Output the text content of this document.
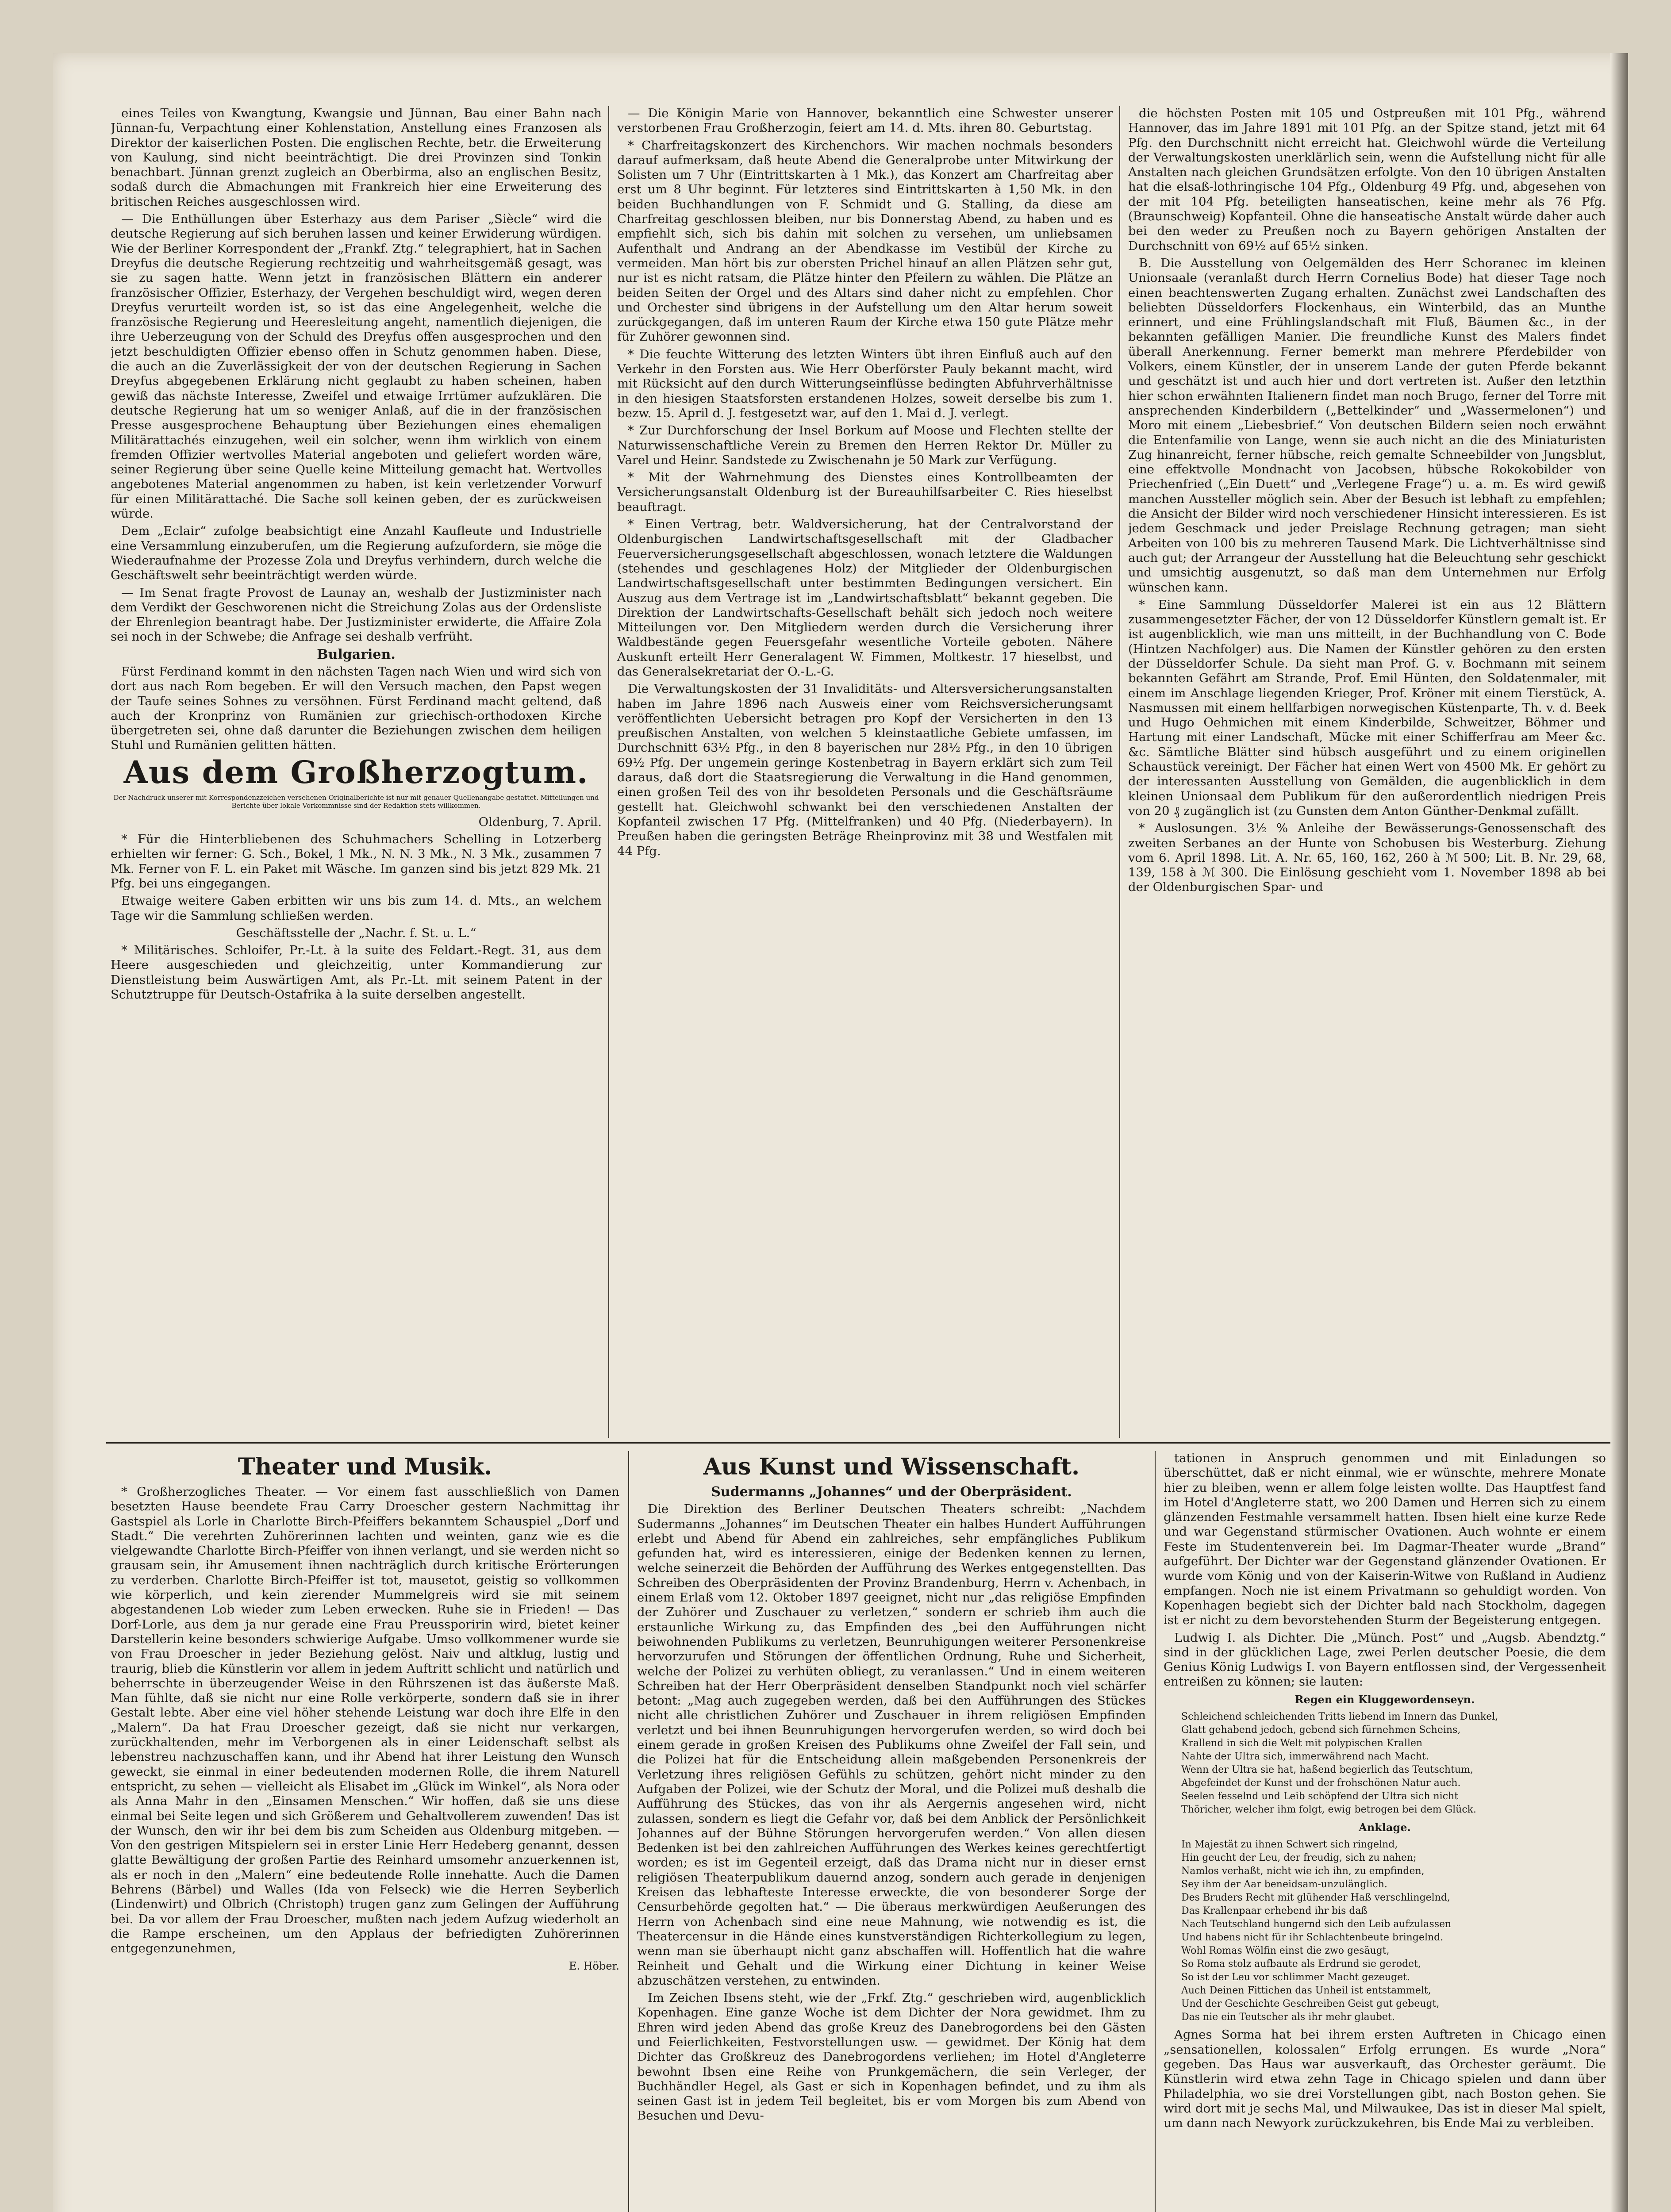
eines Teiles von Kwangtung, Kwangsie und Jünnan, Bau einer Bahn nach Jünnan-fu, Verpachtung einer Kohlenstation, Anstellung eines Franzosen als Direktor der kaiserlichen Posten. Die englischen Rechte, betr. die Erweiterung von Kaulung, sind nicht beeinträchtigt. Die drei Provinzen sind Tonkin benachbart. Jünnan grenzt zugleich an Oberbirma, also an englischen Besitz, sodaß durch die Abmachungen mit Frankreich hier eine Erweiterung des britischen Reiches ausgeschlossen wird.

— Die Enthüllungen über Esterhazy aus dem Pariser „Siècle“ wird die deutsche Regierung auf sich beruhen lassen und keiner Erwiderung würdigen. Wie der Berliner Korrespondent der „Frankf. Ztg.“ telegraphiert, hat in Sachen Dreyfus die deutsche Regierung rechtzeitig und wahrheitsgemäß gesagt, was sie zu sagen hatte. Wenn jetzt in französischen Blättern ein anderer französischer Offizier, Esterhazy, der Vergehen beschuldigt wird, wegen deren Dreyfus verurteilt worden ist, so ist das eine Angelegenheit, welche die französische Regierung und Heeresleitung angeht, namentlich diejenigen, die ihre Ueberzeugung von der Schuld des Dreyfus offen ausgesprochen und den jetzt beschuldigten Offizier ebenso offen in Schutz genommen haben. Diese, die auch an die Zuverlässigkeit der von der deutschen Regierung in Sachen Dreyfus abgegebenen Erklärung nicht geglaubt zu haben scheinen, haben gewiß das nächste Interesse, Zweifel und etwaige Irrtümer aufzuklären. Die deutsche Regierung hat um so weniger Anlaß, auf die in der französischen Presse ausgesprochene Behauptung über Beziehungen eines ehemaligen Militärattachés einzugehen, weil ein solcher, wenn ihm wirklich von einem fremden Offizier wertvolles Material angeboten und geliefert worden wäre, seiner Regierung über seine Quelle keine Mitteilung gemacht hat. Wertvolles angebotenes Material angenommen zu haben, ist kein verletzender Vorwurf für einen Militärattaché. Die Sache soll keinen geben, der es zurückweisen würde.

Dem „Eclair“ zufolge beabsichtigt eine Anzahl Kaufleute und Industrielle eine Versammlung einzuberufen, um die Regierung aufzufordern, sie möge die Wiederaufnahme der Prozesse Zola und Dreyfus verhindern, durch welche die Geschäftswelt sehr beeinträchtigt werden würde.

— Im Senat fragte Provost de Launay an, weshalb der Justizminister nach dem Verdikt der Geschworenen nicht die Streichung Zolas aus der Ordensliste der Ehrenlegion beantragt habe. Der Justizminister erwiderte, die Affaire Zola sei noch in der Schwebe; die Anfrage sei deshalb verfrüht.

Bulgarien.

Fürst Ferdinand kommt in den nächsten Tagen nach Wien und wird sich von dort aus nach Rom begeben. Er will den Versuch machen, den Papst wegen der Taufe seines Sohnes zu versöhnen. Fürst Ferdinand macht geltend, daß auch der Kronprinz von Rumänien zur griechisch-orthodoxen Kirche übergetreten sei, ohne daß darunter die Beziehungen zwischen dem heiligen Stuhl und Rumänien gelitten hätten.

Aus dem Großherzogtum.
Der Nachdruck unserer mit Korrespondenzzeichen versehenen Originalberichte ist nur mit genauer Quellenangabe gestattet. Mitteilungen und Berichte über lokale Vorkommnisse sind der Redaktion stets willkommen.

Oldenburg, 7. April.

* Für die Hinterbliebenen des Schuhmachers Schelling in Lotzerberg erhielten wir ferner: G. Sch., Bokel, 1 Mk., N. N. 3 Mk., N. 3 Mk., zusammen 7 Mk. Ferner von F. L. ein Paket mit Wäsche. Im ganzen sind bis jetzt 829 Mk. 21 Pfg. bei uns eingegangen.

Etwaige weitere Gaben erbitten wir uns bis zum 14. d. Mts., an welchem Tage wir die Sammlung schließen werden.

Geschäftsstelle der „Nachr. f. St. u. L.“

* Militärisches. Schloifer, Pr.-Lt. à la suite des Feldart.-Regt. 31, aus dem Heere ausgeschieden und gleichzeitig, unter Kommandierung zur Dienstleistung beim Auswärtigen Amt, als Pr.-Lt. mit seinem Patent in der Schutztruppe für Deutsch-Ostafrika à la suite derselben angestellt.

— Die Königin Marie von Hannover, bekanntlich eine Schwester unserer verstorbenen Frau Großherzogin, feiert am 14. d. Mts. ihren 80. Geburtstag.

* Charfreitagskonzert des Kirchenchors. Wir machen nochmals besonders darauf aufmerksam, daß heute Abend die Generalprobe unter Mitwirkung der Solisten um 7 Uhr (Eintrittskarten à 1 Mk.), das Konzert am Charfreitag aber erst um 8 Uhr beginnt. Für letzteres sind Eintrittskarten à 1,50 Mk. in den beiden Buchhandlungen von F. Schmidt und G. Stalling, da diese am Charfreitag geschlossen bleiben, nur bis Donnerstag Abend, zu haben und es empfiehlt sich, sich bis dahin mit solchen zu versehen, um unliebsamen Aufenthalt und Andrang an der Abendkasse im Vestibül der Kirche zu vermeiden. Man hört bis zur obersten Prichel hinauf an allen Plätzen sehr gut, nur ist es nicht ratsam, die Plätze hinter den Pfeilern zu wählen. Die Plätze an beiden Seiten der Orgel und des Altars sind daher nicht zu empfehlen. Chor und Orchester sind übrigens in der Aufstellung um den Altar herum soweit zurückgegangen, daß im unteren Raum der Kirche etwa 150 gute Plätze mehr für Zuhörer gewonnen sind.

* Die feuchte Witterung des letzten Winters übt ihren Einfluß auch auf den Verkehr in den Forsten aus. Wie Herr Oberförster Pauly bekannt macht, wird mit Rücksicht auf den durch Witterungseinflüsse bedingten Abfuhrverhältnisse in den hiesigen Staatsforsten erstandenen Holzes, soweit derselbe bis zum 1. bezw. 15. April d. J. festgesetzt war, auf den 1. Mai d. J. verlegt.

* Zur Durchforschung der Insel Borkum auf Moose und Flechten stellte der Naturwissenschaftliche Verein zu Bremen den Herren Rektor Dr. Müller zu Varel und Heinr. Sandstede zu Zwischenahn je 50 Mark zur Verfügung.

* Mit der Wahrnehmung des Dienstes eines Kontrollbeamten der Versicherungsanstalt Oldenburg ist der Bureauhilfsarbeiter C. Ries hieselbst beauftragt.

* Einen Vertrag, betr. Waldversicherung, hat der Centralvorstand der Oldenburgischen Landwirtschaftsgesellschaft mit der Gladbacher Feuerversicherungsgesellschaft abgeschlossen, wonach letztere die Waldungen (stehendes und geschlagenes Holz) der Mitglieder der Oldenburgischen Landwirtschaftsgesellschaft unter bestimmten Bedingungen versichert. Ein Auszug aus dem Vertrage ist im „Landwirtschaftsblatt“ bekannt gegeben. Die Direktion der Landwirtschafts-Gesellschaft behält sich jedoch noch weitere Mitteilungen vor. Den Mitgliedern werden durch die Versicherung ihrer Waldbestände gegen Feuersgefahr wesentliche Vorteile geboten. Nähere Auskunft erteilt Herr Generalagent W. Fimmen, Moltkestr. 17 hieselbst, und das Generalsekretariat der O.-L.-G.

Die Verwaltungskosten der 31 Invaliditäts- und Altersversicherungsanstalten haben im Jahre 1896 nach Ausweis einer vom Reichsversicherungsamt veröffentlichten Uebersicht betragen pro Kopf der Versicherten in den 13 preußischen Anstalten, von welchen 5 kleinstaatliche Gebiete umfassen, im Durchschnitt 63½ Pfg., in den 8 bayerischen nur 28½ Pfg., in den 10 übrigen 69½ Pfg. Der ungemein geringe Kostenbetrag in Bayern erklärt sich zum Teil daraus, daß dort die Staatsregierung die Verwaltung in die Hand genommen, einen großen Teil des von ihr besoldeten Personals und die Geschäftsräume gestellt hat. Gleichwohl schwankt bei den verschiedenen Anstalten der Kopfanteil zwischen 17 Pfg. (Mittelfranken) und 40 Pfg. (Niederbayern). In Preußen haben die geringsten Beträge Rheinprovinz mit 38 und Westfalen mit 44 Pfg.

die höchsten Posten mit 105 und Ostpreußen mit 101 Pfg., während Hannover, das im Jahre 1891 mit 101 Pfg. an der Spitze stand, jetzt mit 64 Pfg. den Durchschnitt nicht erreicht hat. Gleichwohl würde die Verteilung der Verwaltungskosten unerklärlich sein, wenn die Aufstellung nicht für alle Anstalten nach gleichen Grundsätzen erfolgte. Von den 10 übrigen Anstalten hat die elsaß-lothringische 104 Pfg., Oldenburg 49 Pfg. und, abgesehen von der mit 104 Pfg. beteiligten hanseatischen, keine mehr als 76 Pfg. (Braunschweig) Kopfanteil. Ohne die hanseatische Anstalt würde daher auch bei den weder zu Preußen noch zu Bayern gehörigen Anstalten der Durchschnitt von 69½ auf 65½ sinken.

B. Die Ausstellung von Oelgemälden des Herr Schoranec im kleinen Unionsaale (veranlaßt durch Herrn Cornelius Bode) hat dieser Tage noch einen beachtenswerten Zugang erhalten. Zunächst zwei Landschaften des beliebten Düsseldorfers Flockenhaus, ein Winterbild, das an Munthe erinnert, und eine Frühlingslandschaft mit Fluß, Bäumen &c., in der bekannten gefälligen Manier. Die freundliche Kunst des Malers findet überall Anerkennung. Ferner bemerkt man mehrere Pferdebilder von Volkers, einem Künstler, der in unserem Lande der guten Pferde bekannt und geschätzt ist und auch hier und dort vertreten ist. Außer den letzthin hier schon erwähnten Italienern findet man noch Brugo, ferner del Torre mit ansprechenden Kinderbildern („Bettelkinder“ und „Wassermelonen“) und Moro mit einem „Liebesbrief.“ Von deutschen Bildern seien noch erwähnt die Entenfamilie von Lange, wenn sie auch nicht an die des Miniaturisten Zug hinanreicht, ferner hübsche, reich gemalte Schneebilder von Jungsblut, eine effektvolle Mondnacht von Jacobsen, hübsche Rokokobilder von Priechenfried („Ein Duett“ und „Verlegene Frage“) u. a. m. Es wird gewiß manchen Aussteller möglich sein. Aber der Besuch ist lebhaft zu empfehlen; die Ansicht der Bilder wird noch verschiedener Hinsicht interessieren. Es ist jedem Geschmack und jeder Preislage Rechnung getragen; man sieht Arbeiten von 100 bis zu mehreren Tausend Mark. Die Lichtverhältnisse sind auch gut; der Arrangeur der Ausstellung hat die Beleuchtung sehr geschickt und umsichtig ausgenutzt, so daß man dem Unternehmen nur Erfolg wünschen kann.

* Eine Sammlung Düsseldorfer Malerei ist ein aus 12 Blättern zusammengesetzter Fächer, der von 12 Düsseldorfer Künstlern gemalt ist. Er ist augenblicklich, wie man uns mitteilt, in der Buchhandlung von C. Bode (Hintzen Nachfolger) aus. Die Namen der Künstler gehören zu den ersten der Düsseldorfer Schule. Da sieht man Prof. G. v. Bochmann mit seinem bekannten Gefährt am Strande, Prof. Emil Hünten, den Soldatenmaler, mit einem im Anschlage liegenden Krieger, Prof. Kröner mit einem Tierstück, A. Nasmussen mit einem hellfarbigen norwegischen Küstenparte, Th. v. d. Beek und Hugo Oehmichen mit einem Kinderbilde, Schweitzer, Böhmer und Hartung mit einer Landschaft, Mücke mit einer Schifferfrau am Meer &c. &c. Sämtliche Blätter sind hübsch ausgeführt und zu einem originellen Schaustück vereinigt. Der Fächer hat einen Wert von 4500 Mk. Er gehört zu der interessanten Ausstellung von Gemälden, die augenblicklich in dem kleinen Unionsaal dem Publikum für den außerordentlich niedrigen Preis von 20 ₰ zugänglich ist (zu Gunsten dem Anton Günther-Denkmal zufällt.

* Auslosungen. 3½ % Anleihe der Bewässerungs-Genossenschaft des zweiten Serbanes an der Hunte von Schobusen bis Westerburg. Ziehung vom 6. April 1898. Lit. A. Nr. 65, 160, 162, 260 à ℳ 500; Lit. B. Nr. 29, 68, 139, 158 à ℳ 300. Die Einlösung geschieht vom 1. November 1898 ab bei der Oldenburgischen Spar- und

Theater und Musik.

* Großherzogliches Theater. — Vor einem fast ausschließlich von Damen besetzten Hause beendete Frau Carry Droescher gestern Nachmittag ihr Gastspiel als Lorle in Charlotte Birch-Pfeiffers bekanntem Schauspiel „Dorf und Stadt.“ Die verehrten Zuhörerinnen lachten und weinten, ganz wie es die vielgewandte Charlotte Birch-Pfeiffer von ihnen verlangt, und sie werden nicht so grausam sein, ihr Amusement ihnen nachträglich durch kritische Erörterungen zu verderben. Charlotte Birch-Pfeiffer ist tot, mausetot, geistig so vollkommen wie körperlich, und kein zierender Mummelgreis wird sie mit seinem abgestandenen Lob wieder zum Leben erwecken. Ruhe sie in Frieden! — Das Dorf-Lorle, aus dem ja nur gerade eine Frau Preussporirin wird, bietet keiner Darstellerin keine besonders schwierige Aufgabe. Umso vollkommener wurde sie von Frau Droescher in jeder Beziehung gelöst. Naiv und altklug, lustig und traurig, blieb die Künstlerin vor allem in jedem Auftritt schlicht und natürlich und beherrschte in überzeugender Weise in den Rührszenen ist das äußerste Maß. Man fühlte, daß sie nicht nur eine Rolle verkörperte, sondern daß sie in ihrer Gestalt lebte. Aber eine viel höher stehende Leistung war doch ihre Elfe in den „Malern“. Da hat Frau Droescher gezeigt, daß sie nicht nur verkargen, zurückhaltenden, mehr im Verborgenen als in einer Leidenschaft selbst als lebenstreu nachzuschaffen kann, und ihr Abend hat ihrer Leistung den Wunsch geweckt, sie einmal in einer bedeutenden modernen Rolle, die ihrem Naturell entspricht, zu sehen — vielleicht als Elisabet im „Glück im Winkel“, als Nora oder als Anna Mahr in den „Einsamen Menschen.“ Wir hoffen, daß sie uns diese einmal bei Seite legen und sich Größerem und Gehaltvollerem zuwenden! Das ist der Wunsch, den wir ihr bei dem bis zum Scheiden aus Oldenburg mitgeben. — Von den gestrigen Mitspielern sei in erster Linie Herr Hedeberg genannt, dessen glatte Bewältigung der großen Partie des Reinhard umsomehr anzuerkennen ist, als er noch in den „Malern“ eine bedeutende Rolle innehatte. Auch die Damen Behrens (Bärbel) und Walles (Ida von Felseck) wie die Herren Seyberlich (Lindenwirt) und Olbrich (Christoph) trugen ganz zum Gelingen der Aufführung bei. Da vor allem der Frau Droescher, mußten nach jedem Aufzug wiederholt an die Rampe erscheinen, um den Applaus der befriedigten Zuhörerinnen entgegenzunehmen,

E. Höber.

Aus Kunst und Wissenschaft.

Sudermanns „Johannes“ und der Oberpräsident.

Die Direktion des Berliner Deutschen Theaters schreibt: „Nachdem Sudermanns „Johannes“ im Deutschen Theater ein halbes Hundert Aufführungen erlebt und Abend für Abend ein zahlreiches, sehr empfängliches Publikum gefunden hat, wird es interessieren, einige der Bedenken kennen zu lernen, welche seinerzeit die Behörden der Aufführung des Werkes entgegenstellten. Das Schreiben des Oberpräsidenten der Provinz Brandenburg, Herrn v. Achenbach, in einem Erlaß vom 12. Oktober 1897 geeignet, nicht nur „das religiöse Empfinden der Zuhörer und Zuschauer zu verletzen,“ sondern er schrieb ihm auch die erstaunliche Wirkung zu, das Empfinden des „bei den Aufführungen nicht beiwohnenden Publikums zu verletzen, Beunruhigungen weiterer Personenkreise hervorzurufen und Störungen der öffentlichen Ordnung, Ruhe und Sicherheit, welche der Polizei zu verhüten obliegt, zu veranlassen.“ Und in einem weiteren Schreiben hat der Herr Oberpräsident denselben Standpunkt noch viel schärfer betont: „Mag auch zugegeben werden, daß bei den Aufführungen des Stückes nicht alle christlichen Zuhörer und Zuschauer in ihrem religiösen Empfinden verletzt und bei ihnen Beunruhigungen hervorgerufen werden, so wird doch bei einem gerade in großen Kreisen des Publikums ohne Zweifel der Fall sein, und die Polizei hat für die Entscheidung allein maßgebenden Personenkreis der Verletzung ihres religiösen Gefühls zu schützen, gehört nicht minder zu den Aufgaben der Polizei, wie der Schutz der Moral, und die Polizei muß deshalb die Aufführung des Stückes, das von ihr als Aergernis angesehen wird, nicht zulassen, sondern es liegt die Gefahr vor, daß bei dem Anblick der Persönlichkeit Johannes auf der Bühne Störungen hervorgerufen werden.“ Von allen diesen Bedenken ist bei den zahlreichen Aufführungen des Werkes keines gerechtfertigt worden; es ist im Gegenteil erzeigt, daß das Drama nicht nur in dieser ernst religiösen Theaterpublikum dauernd anzog, sondern auch gerade in denjenigen Kreisen das lebhafteste Interesse erweckte, die von besonderer Sorge der Censurbehörde gegolten hat.“ — Die überaus merkwürdigen Aeußerungen des Herrn von Achenbach sind eine neue Mahnung, wie notwendig es ist, die Theatercensur in die Hände eines kunstverständigen Richterkollegium zu legen, wenn man sie überhaupt nicht ganz abschaffen will. Hoffentlich hat die wahre Reinheit und Gehalt und die Wirkung einer Dichtung in keiner Weise abzuschätzen verstehen, zu entwinden.

Im Zeichen Ibsens steht, wie der „Frkf. Ztg.“ geschrieben wird, augenblicklich Kopenhagen. Eine ganze Woche ist dem Dichter der Nora gewidmet. Ihm zu Ehren wird jeden Abend das große Kreuz des Danebrogordens bei den Gästen und Feierlichkeiten, Festvorstellungen usw. — gewidmet. Der König hat dem Dichter das Großkreuz des Danebrogordens verliehen; im Hotel d'Angleterre bewohnt Ibsen eine Reihe von Prunkgemächern, die sein Verleger, der Buchhändler Hegel, als Gast er sich in Kopenhagen befindet, und zu ihm als seinen Gast ist in jedem Teil begleitet, bis er vom Morgen bis zum Abend von Besuchen und Devu-

tationen in Anspruch genommen und mit Einladungen so überschüttet, daß er nicht einmal, wie er wünschte, mehrere Monate hier zu bleiben, wenn er allem folge leisten wollte. Das Hauptfest fand im Hotel d'Angleterre statt, wo 200 Damen und Herren sich zu einem glänzenden Festmahle versammelt hatten. Ibsen hielt eine kurze Rede und war Gegenstand stürmischer Ovationen. Auch wohnte er einem Feste im Studentenverein bei. Im Dagmar-Theater wurde „Brand“ aufgeführt. Der Dichter war der Gegenstand glänzender Ovationen. Er wurde vom König und von der Kaiserin-Witwe von Rußland in Audienz empfangen. Noch nie ist einem Privatmann so gehuldigt worden. Von Kopenhagen begiebt sich der Dichter bald nach Stockholm, dagegen ist er nicht zu dem bevorstehenden Sturm der Begeisterung entgegen.

Ludwig I. als Dichter. Die „Münch. Post“ und „Augsb. Abendztg.“ sind in der glücklichen Lage, zwei Perlen deutscher Poesie, die dem Genius König Ludwigs I. von Bayern entflossen sind, der Vergessenheit entreißen zu können; sie lauten:

Regen ein Kluggewordenseyn.

Schleichend schleichenden Tritts liebend im Innern das Dunkel,
Glatt gehabend jedoch, gebend sich fürnehmen Scheins,
Krallend in sich die Welt mit polypischen Krallen
Nahte der Ultra sich, immerwährend nach Macht.
Wenn der Ultra sie hat, haßend begierlich das Teutschtum,
Abgefeindet der Kunst und der frohschönen Natur auch.
Seelen fesselnd und Leib schöpfend der Ultra sich nicht
Thöricher, welcher ihm folgt, ewig betrogen bei dem Glück.

Anklage.

In Majestät zu ihnen Schwert sich ringelnd,
Hin geucht der Leu, der freudig, sich zu nahen;
Namlos verhaßt, nicht wie ich ihn, zu empfinden,
Sey ihm der Aar beneidsam-unzulänglich.
Des Bruders Recht mit glühender Haß verschlingelnd,
Das Krallenpaar erhebend ihr bis daß
Nach Teutschland hungernd sich den Leib aufzulassen
Und habens nicht für ihr Schlachtenbeute bringelnd.
Wohl Romas Wölfin einst die zwo gesäugt,
So Roma stolz aufbaute als Erdrund sie gerodet,
So ist der Leu vor schlimmer Macht gezeuget.
Auch Deinen Fittichen das Unheil ist entstammelt,
Und der Geschichte Geschreiben Geist gut gebeugt,
Das nie ein Teutscher als ihr mehr glaubet.

Agnes Sorma hat bei ihrem ersten Auftreten in Chicago einen „sensationellen, kolossalen“ Erfolg errungen. Es wurde „Nora“ gegeben. Das Haus war ausverkauft, das Orchester geräumt. Die Künstlerin wird etwa zehn Tage in Chicago spielen und dann über Philadelphia, wo sie drei Vorstellungen gibt, nach Boston gehen. Sie wird dort mit je sechs Mal, und Milwaukee, Das ist in dieser Mal spielt, um dann nach Newyork zurückzukehren, bis Ende Mai zu verbleiben.
